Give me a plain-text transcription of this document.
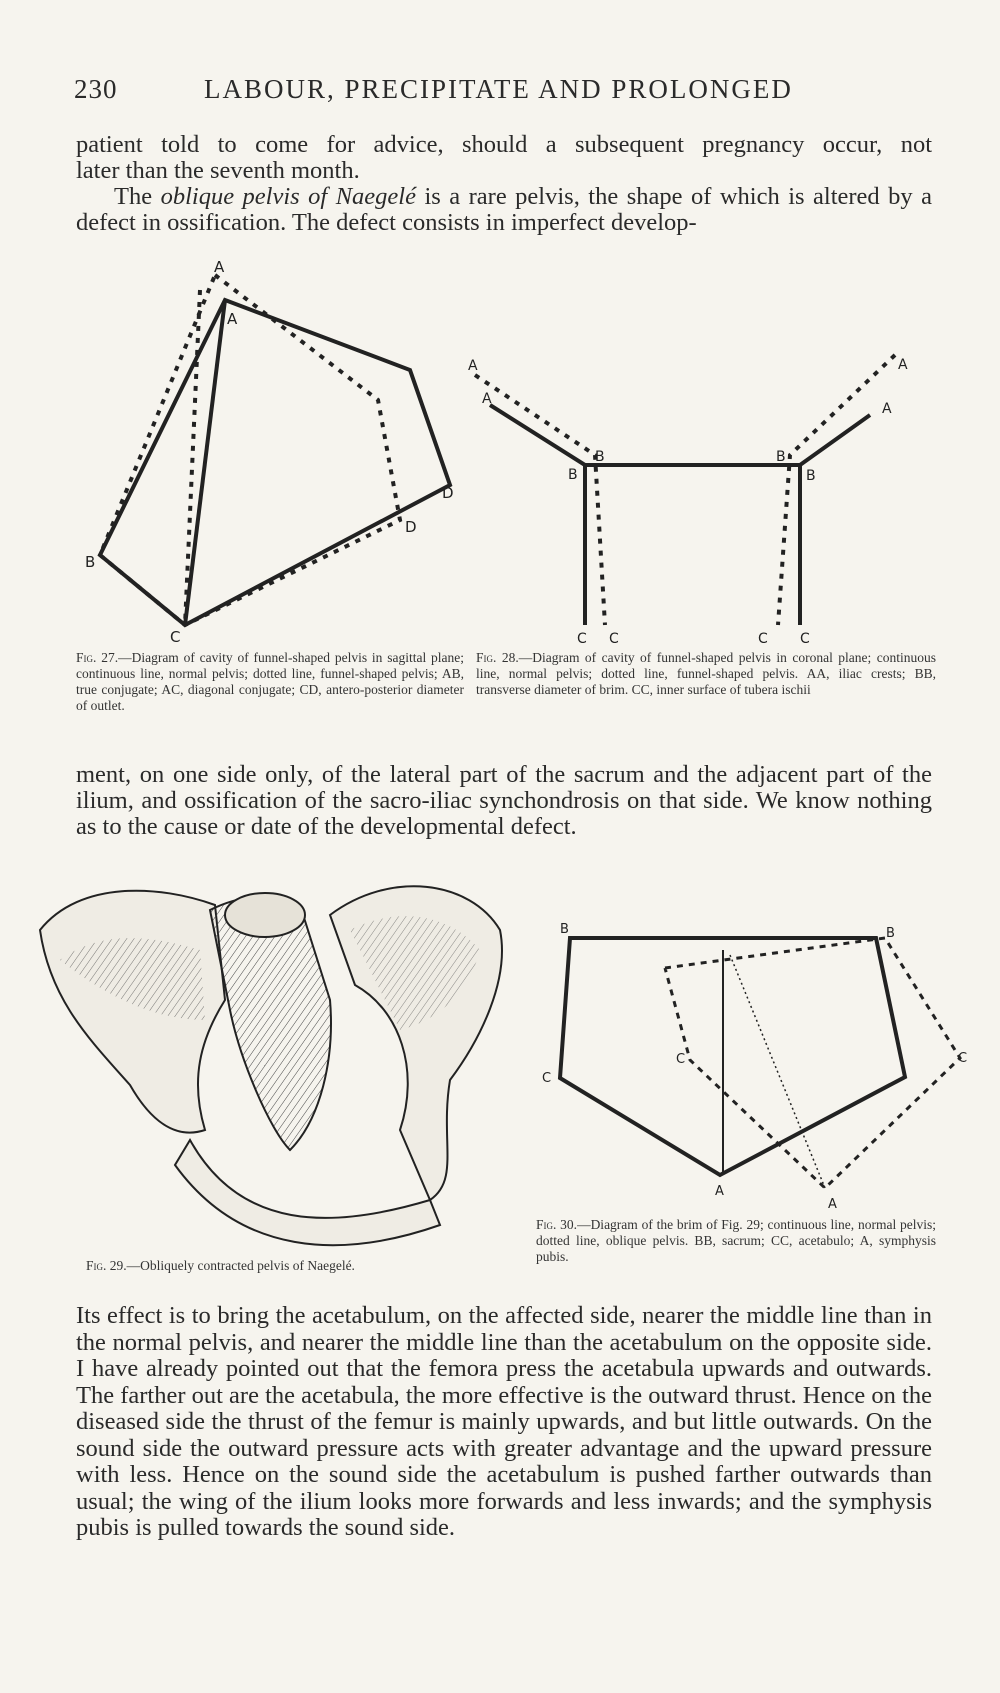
230	LABOUR, PRECIPITATE AND PROLONGED

patient told to come for advice, should a subsequent pregnancy occur, not

later than the seventh month.

The oblique pelvis of Naegelé is a rare pelvis, the shape of which is altered by a defect in ossification. The defect consists in imperfect develop-

A
A
B
C
D
D
A
A
A
A
B
B	B
B
C C	C C
Fig. 27.—Diagram of cavity of funnel-shaped pelvis in sagittal plane; continuous line, normal pelvis; dotted line, funnel-shaped pelvis; AB, true conjugate; AC, diagonal conjugate; CD, antero-posterior diameter of outlet.
Fig. 28.—Diagram of cavity of funnel-shaped pelvis in coronal plane; continuous line, normal pelvis; dotted line, funnel-shaped pelvis. AA, iliac crests; BB, transverse diameter of brim. CC, inner surface of tubera ischii

ment, on one side only, of the lateral part of the sacrum and the adjacent part of the ilium, and ossification of the sacro-iliac synchondrosis on that side. We know nothing as to the cause or date of the developmental defect.

B	B
C
C	C
A
A
Fig. 29.—Obliquely contracted pelvis of Naegelé.
Fig. 30.—Diagram of the brim of Fig. 29; continuous line, normal pelvis; dotted line, oblique pelvis. BB, sacrum; CC, acetabulo; A, symphysis pubis.

Its effect is to bring the acetabulum, on the affected side, nearer the middle line than in the normal pelvis, and nearer the middle line than the acetabulum on the opposite side. I have already pointed out that the femora press the acetabula upwards and outwards. The farther out are the acetabula, the more effective is the outward thrust. Hence on the diseased side the thrust of the femur is mainly upwards, and but little outwards. On the sound side the outward pressure acts with greater advantage and the upward pressure with less. Hence on the sound side the acetabulum is pushed farther outwards than usual; the wing of the ilium looks more forwards and less inwards; and the symphysis pubis is pulled towards the sound side.
